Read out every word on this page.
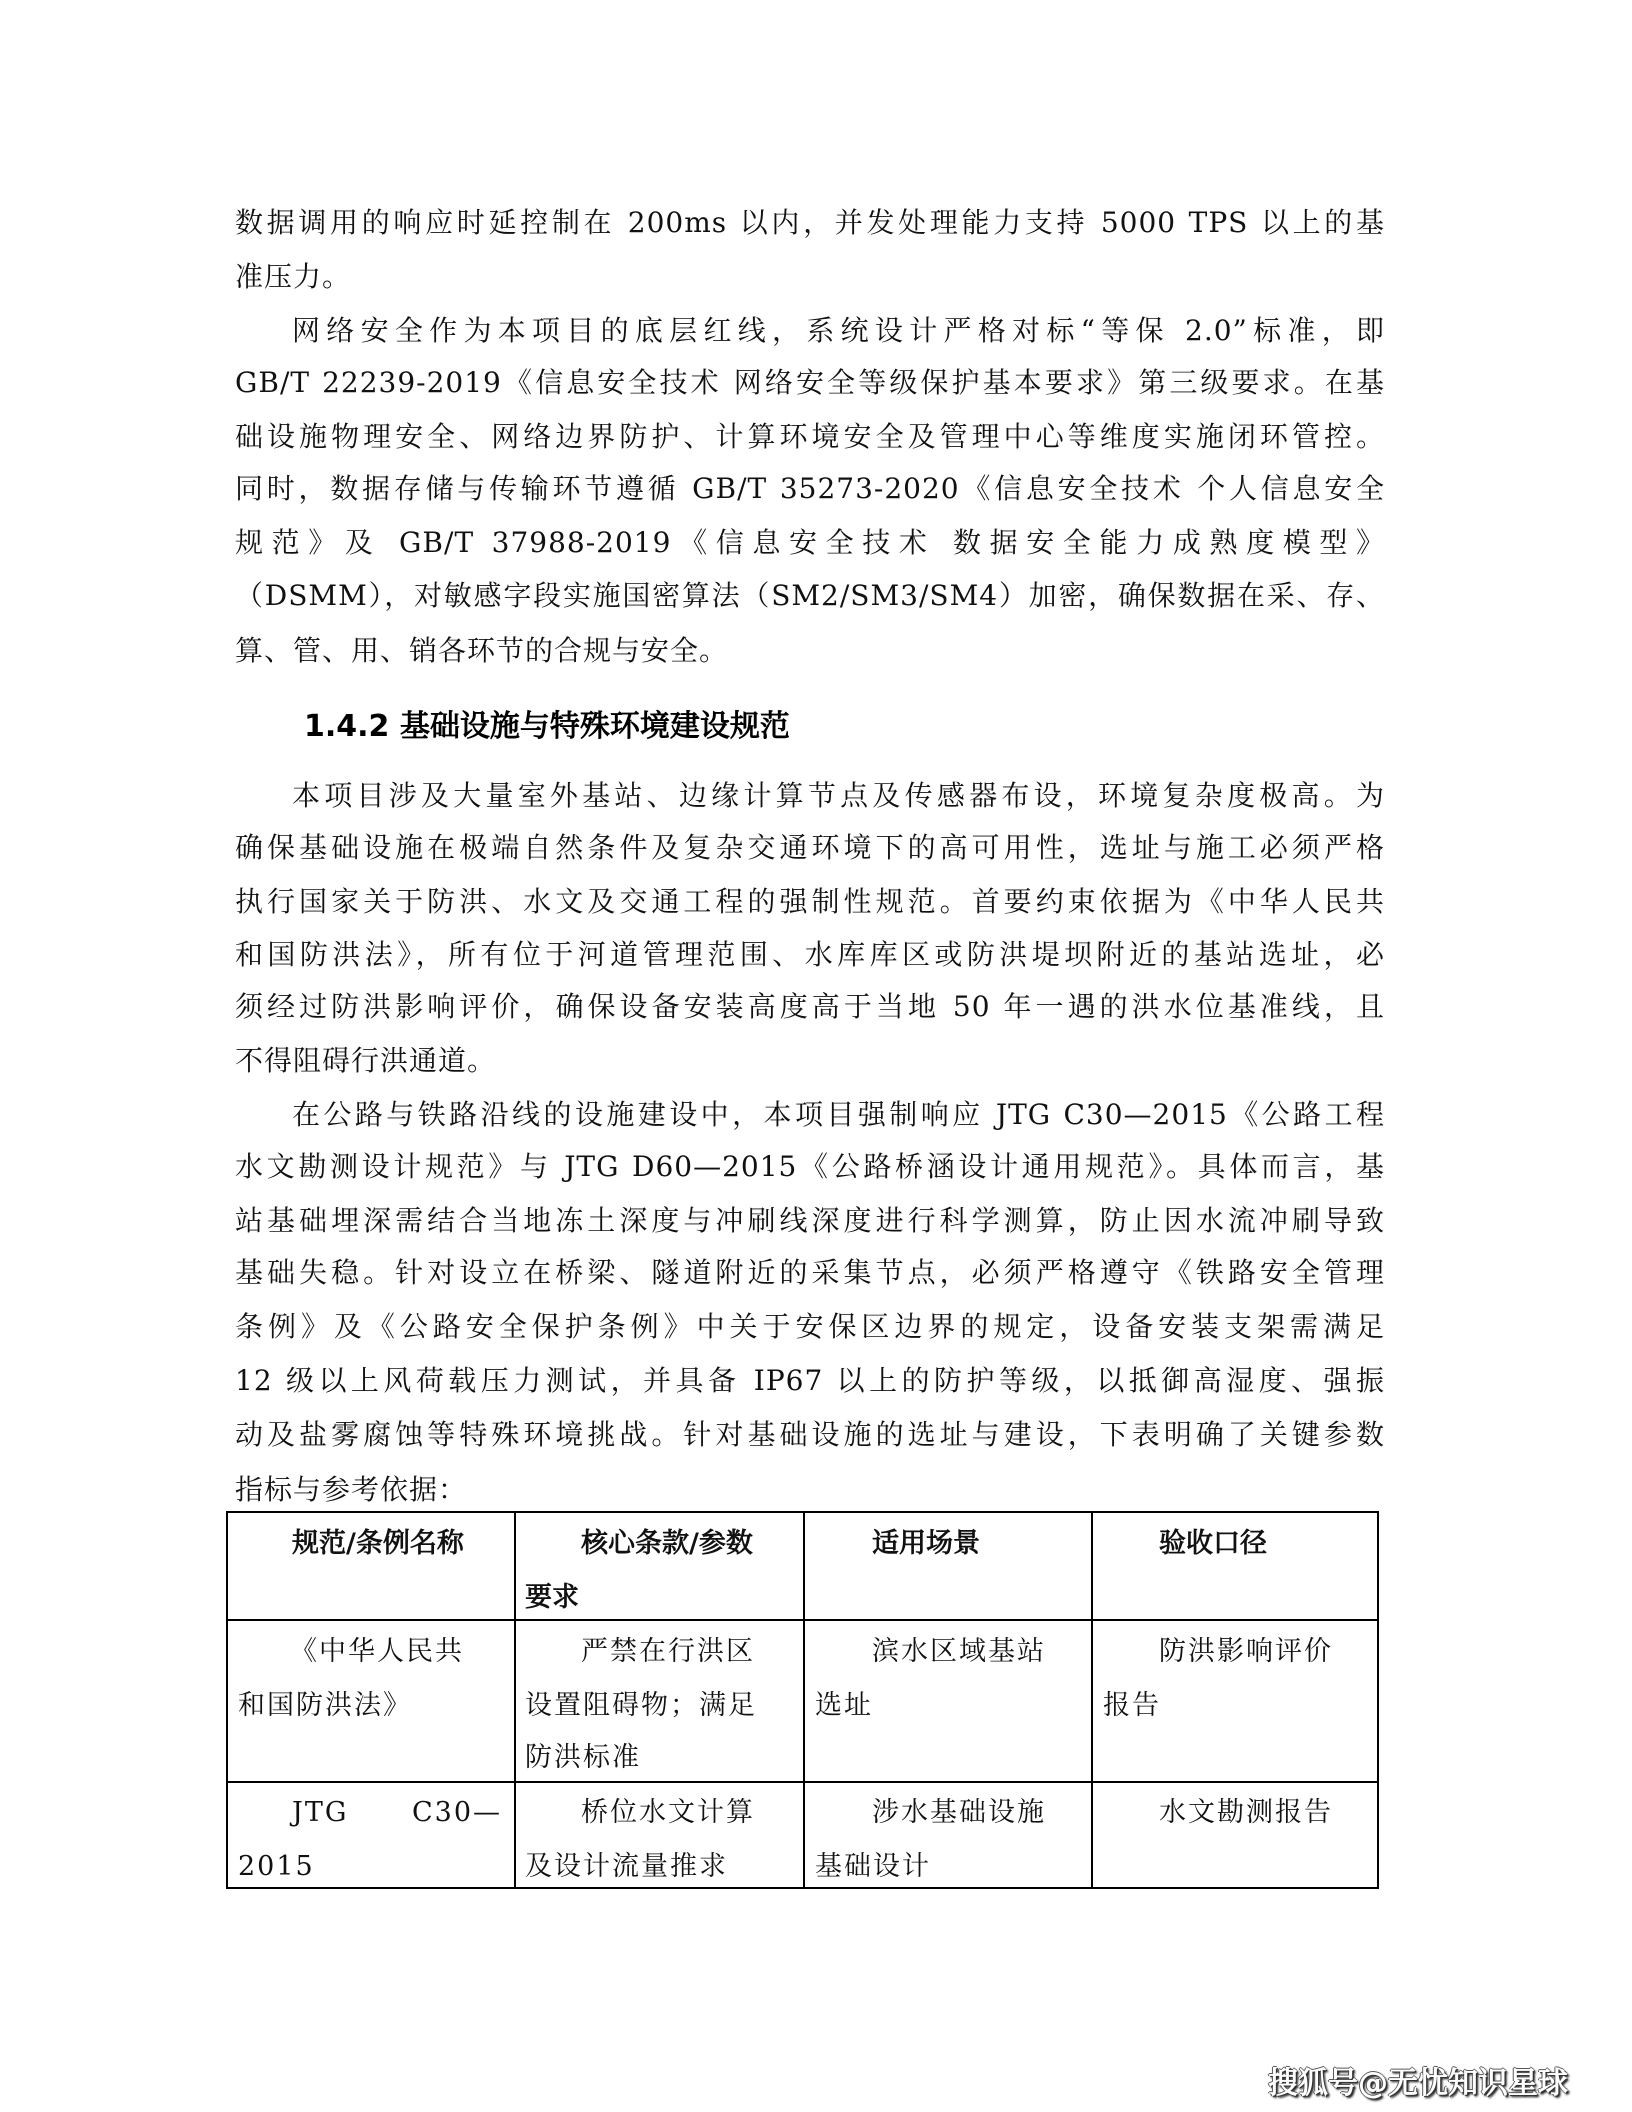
数据调用的响应时延控制在 200ms 以内，并发处理能力支持 5000 TPS 以上的基
准压力。
网络安全作为本项目的底层红线，系统设计严格对标“等保 2.0”标准，即
GB/T 22239-2019《信息安全技术 网络安全等级保护基本要求》第三级要求。在基
础设施物理安全、网络边界防护、计算环境安全及管理中心等维度实施闭环管控。
同时，数据存储与传输环节遵循 GB/T 35273-2020《信息安全技术 个人信息安全
规范》及 GB/T 37988-2019《信息安全技术 数据安全能力成熟度模型》
（DSMM），对敏感字段实施国密算法（SM2/SM3/SM4）加密，确保数据在采、存、
算、管、用、销各环节的合规与安全。
1.4.2 基础设施与特殊环境建设规范
本项目涉及大量室外基站、边缘计算节点及传感器布设，环境复杂度极高。为
确保基础设施在极端自然条件及复杂交通环境下的高可用性，选址与施工必须严格
执行国家关于防洪、水文及交通工程的强制性规范。首要约束依据为《中华人民共
和国防洪法》，所有位于河道管理范围、水库库区或防洪堤坝附近的基站选址，必
须经过防洪影响评价，确保设备安装高度高于当地 50 年一遇的洪水位基准线，且
不得阻碍行洪通道。
在公路与铁路沿线的设施建设中，本项目强制响应 JTG C30—2015《公路工程
水文勘测设计规范》与 JTG D60—2015《公路桥涵设计通用规范》。具体而言，基
站基础埋深需结合当地冻土深度与冲刷线深度进行科学测算，防止因水流冲刷导致
基础失稳。针对设立在桥梁、隧道附近的采集节点，必须严格遵守《铁路安全管理
条例》及《公路安全保护条例》中关于安保区边界的规定，设备安装支架需满足
12 级以上风荷载压力测试，并具备 IP67 以上的防护等级，以抵御高湿度、强振
动及盐雾腐蚀等特殊环境挑战。针对基础设施的选址与建设，下表明确了关键参数
指标与参考依据：
规范/条例名称	核心条款/参数
要求
适用场景	验收口径
《中华人民共
和国防洪法》
严禁在行洪区
设置阻碍物；满足
防洪标准
滨水区域基站
选址
防洪影响评价
报告
JTG C30—
2015
桥位水文计算
及设计流量推求
涉水基础设施
基础设计
水文勘测报告
搜狐号@无忧知识星球
